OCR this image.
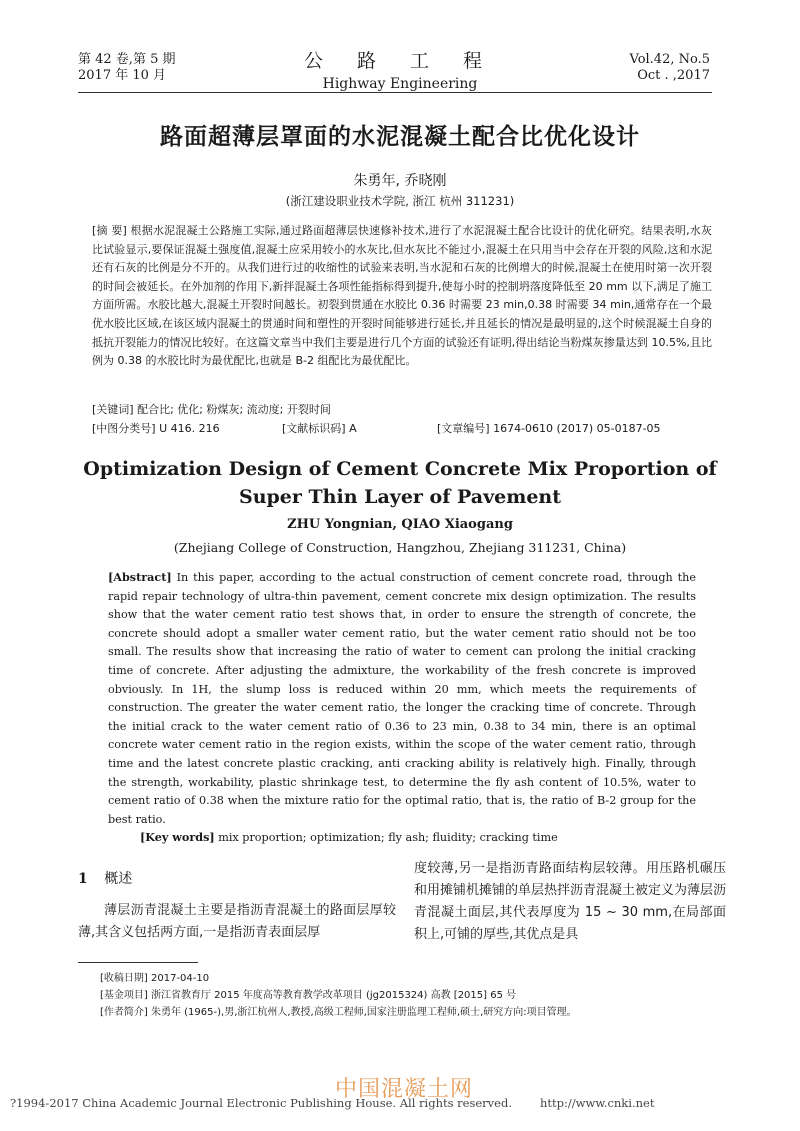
第 42 卷,第 5 期
2017 年 10 月
公 路 工 程
Highway Engineering
Vol.42, No.5
Oct . ,2017
路面超薄层罩面的水泥混凝土配合比优化设计
朱勇年, 乔晓刚
(浙江建设职业技术学院, 浙江 杭州 311231)
[摘 要] 根据水泥混凝土公路施工实际,通过路面超薄层快速修补技术,进行了水泥混凝土配合比设计的优化研究。结果表明,水灰比试验显示,要保证混凝土强度值,混凝土应采用较小的水灰比,但水灰比不能过小,混凝土在只用当中会存在开裂的风险,这和水泥还有石灰的比例是分不开的。从我们进行过的收缩性的试验来表明,当水泥和石灰的比例增大的时候,混凝土在使用时第一次开裂的时间会被延长。在外加剂的作用下,新拌混凝土各项性能指标得到提升,使每小时的控制坍落度降低至 20 mm 以下,满足了施工方面所需。水胶比越大,混凝土开裂时间越长。初裂到贯通在水胶比 0.36 时需要 23 min,0.38 时需要 34 min,通常存在一个最优水胶比区域,在该区域内混凝土的贯通时间和塑性的开裂时间能够进行延长,并且延长的情况是最明显的,这个时候混凝土自身的抵抗开裂能力的情况比较好。在这篇文章当中我们主要是进行几个方面的试验还有证明,得出结论当粉煤灰掺量达到 10.5%,且比例为 0.38 的水胶比时为最优配比,也就是 B-2 组配比为最优配比。
[关键词] 配合比; 优化; 粉煤灰; 流动度; 开裂时间
[中图分类号] U 416. 216	[文献标识码] A	[文章编号] 1674-0610 (2017) 05-0187-05
Optimization Design of Cement Concrete Mix Proportion of Super Thin Layer of Pavement
ZHU Yongnian, QIAO Xiaogang
(Zhejiang College of Construction, Hangzhou, Zhejiang 311231, China)
[Abstract] In this paper, according to the actual construction of cement concrete road, through the rapid repair technology of ultra-thin pavement, cement concrete mix design optimization. The results show that the water cement ratio test shows that, in order to ensure the strength of concrete, the concrete should adopt a smaller water cement ratio, but the water cement ratio should not be too small. The results show that increasing the ratio of water to cement can prolong the initial cracking time of concrete. After adjusting the admixture, the workability of the fresh concrete is improved obviously. In 1H, the slump loss is reduced within 20 mm, which meets the requirements of construction. The greater the water cement ratio, the longer the cracking time of concrete. Through the initial crack to the water cement ratio of 0.36 to 23 min, 0.38 to 34 min, there is an optimal concrete water cement ratio in the region exists, within the scope of the water cement ratio, through time and the latest concrete plastic cracking, anti cracking ability is relatively high. Finally, through the strength, workability, plastic shrinkage test, to determine the fly ash content of 10.5%, water to cement ratio of 0.38 when the mixture ratio for the optimal ratio, that is, the ratio of B-2 group for the best ratio.
[Key words] mix proportion; optimization; fly ash; fluidity; cracking time
1 概述
薄层沥青混凝土主要是指沥青混凝土的路面层厚较薄,其含义包括两方面,一是指沥青表面层厚
度较薄,另一是指沥青路面结构层较薄。用压路机碾压和用摊铺机摊铺的单层热拌沥青混凝土被定义为薄层沥青混凝土面层,其代表厚度为 15 ~ 30 mm,在局部面积上,可铺的厚些,其优点是具
[收稿日期] 2017-04-10
[基金项目] 浙江省教育厅 2015 年度高等教育教学改革项目 (jg2015324) 高教 [2015] 65 号
[作者简介] 朱勇年 (1965-),男,浙江杭州人,教授,高级工程师,国家注册监理工程师,硕士,研究方向:项目管理。
中国混凝土网
?1994-2017 China Academic Journal Electronic Publishing House. All rights reserved. http://www.cnki.net
